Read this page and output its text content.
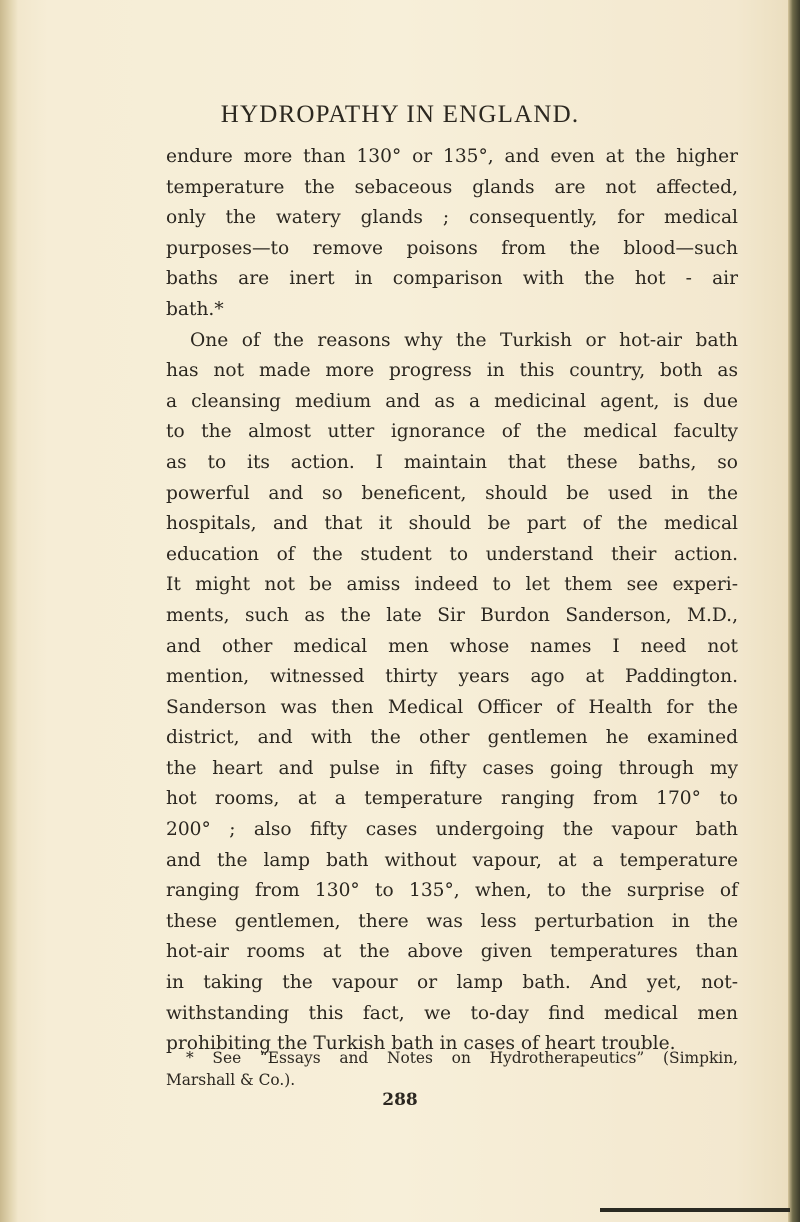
HYDROPATHY IN ENGLAND.
endure more than 130° or 135°, and even at the higher
temperature the sebaceous glands are not affected,
only the watery glands ; consequently, for medical
purposes—to remove poisons from the blood—such
baths are inert in comparison with the hot - air
bath.*
One of the reasons why the Turkish or hot-air bath
has not made more progress in this country, both as
a cleansing medium and as a medicinal agent, is due
to the almost utter ignorance of the medical faculty
as to its action. I maintain that these baths, so
powerful and so beneficent, should be used in the
hospitals, and that it should be part of the medical
education of the student to understand their action.
It might not be amiss indeed to let them see experi-
ments, such as the late Sir Burdon Sanderson, M.D.,
and other medical men whose names I need not
mention, witnessed thirty years ago at Paddington.
Sanderson was then Medical Officer of Health for the
district, and with the other gentlemen he examined
the heart and pulse in fifty cases going through my
hot rooms, at a temperature ranging from 170° to
200° ; also fifty cases undergoing the vapour bath
and the lamp bath without vapour, at a temperature
ranging from 130° to 135°, when, to the surprise of
these gentlemen, there was less perturbation in the
hot-air rooms at the above given temperatures than
in taking the vapour or lamp bath. And yet, not-
withstanding this fact, we to-day find medical men
prohibiting the Turkish bath in cases of heart trouble.
* See “Essays and Notes on Hydrotherapeutics” (Simpkin,
Marshall & Co.).
288
